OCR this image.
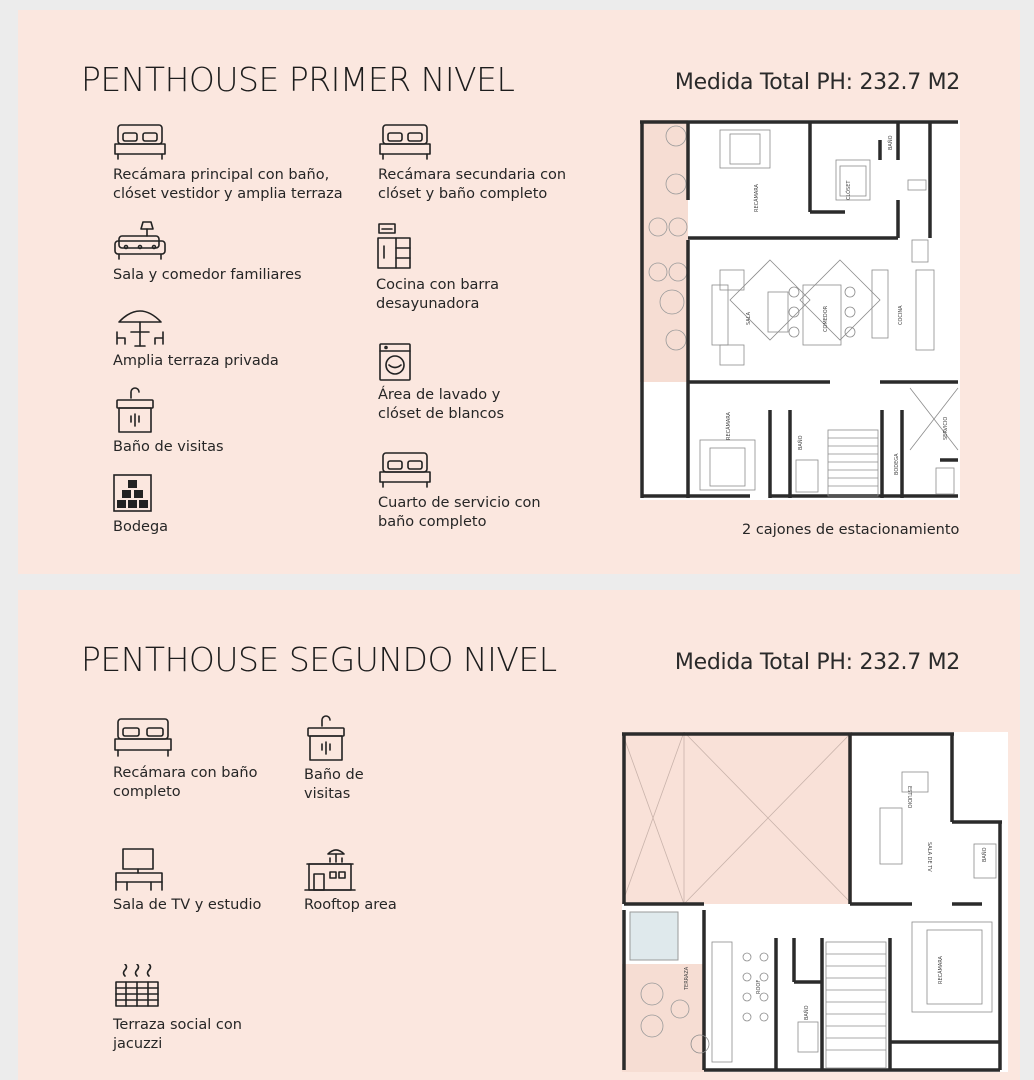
PENTHOUSE PRIMER NIVEL	Medida Total PH: 232.7 M2
Recámara principal con baño,
clóset vestidor y amplia terraza
Sala y comedor familiares
Amplia terraza privada
Baño de visitas
Bodega
Recámara secundaria con
clóset y baño completo
Cocina con barra
desayunadora
Área de lavado y
clóset de blancos
Cuarto de servicio con
baño completo
RECÁMARA
BAÑO
CLÓSET
SALA	COMEDOR	COCINA
RECÁMARA
BAÑO
BODEGA
SERVICIO
2 cajones de estacionamiento
PENTHOUSE SEGUNDO NIVEL	Medida Total PH: 232.7 M2
Recámara con baño
completo
Baño de
visitas
Sala de TV y estudio	Rooftop area
Terraza social con
jacuzzi
ESTUDIO
SALA DE TV	BAÑO
TERRAZA	ROOF
BAÑO
RECÁMARA
